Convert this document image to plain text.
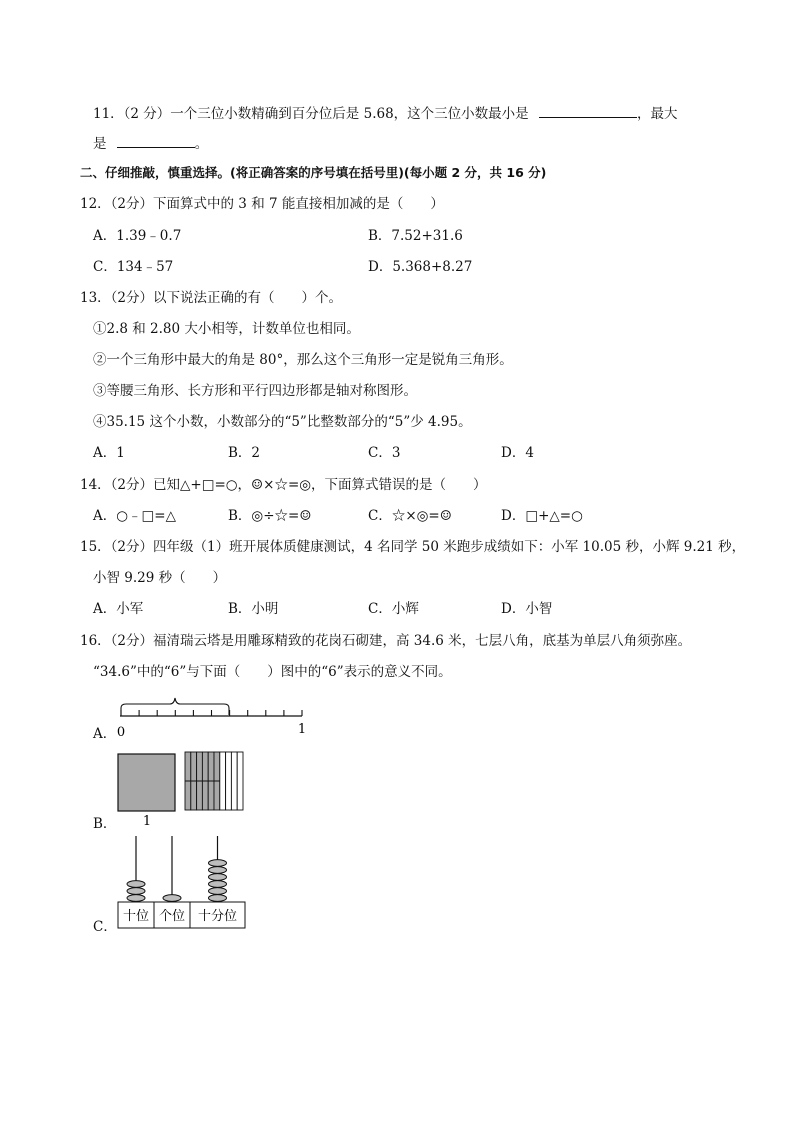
11．（2 分）一个三位小数精确到百分位后是 5.68，这个三位小数最小是	，最大
是	。
二、仔细推敲，慎重选择。(将正确答案的序号填在括号里)(每小题 2 分，共 16 分)
12．（2分）下面算式中的 3 和 7 能直接相加减的是（　　）
A．1.39﹣0.7	B．7.52+31.6
C．134﹣57	D．5.368+8.27
13．（2分）以下说法正确的有（　　）个。
①2.8 和 2.80 大小相等，计数单位也相同。
②一个三角形中最大的角是 80°，那么这个三角形一定是锐角三角形。
③等腰三角形、长方形和平行四边形都是轴对称图形。
④35.15 这个小数，小数部分的“5”比整数部分的“5”少 4.95。
A．1	B．2	C．3	D．4
14．（2分）已知△+□=○，☺×☆=◎，下面算式错误的是（　　）
A．○﹣□=△	B．◎÷☆=☺	C．☆×◎=☺	D．□+△=○
15．（2分）四年级（1）班开展体质健康测试，4 名同学 50 米跑步成绩如下：小军 10.05 秒，小辉 9.21 秒，
小智 9.29 秒（　　）
A．小军	B．小明	C．小辉	D．小智
16．（2分）福清瑞云塔是用雕琢精致的花岗石砌建，高 34.6 米，七层八角，底基为单层八角须弥座。
“34.6”中的“6”与下面（　　）图中的“6”表示的意义不同。
A． 0	1
B． 1
C．
十位 个位 十分位
